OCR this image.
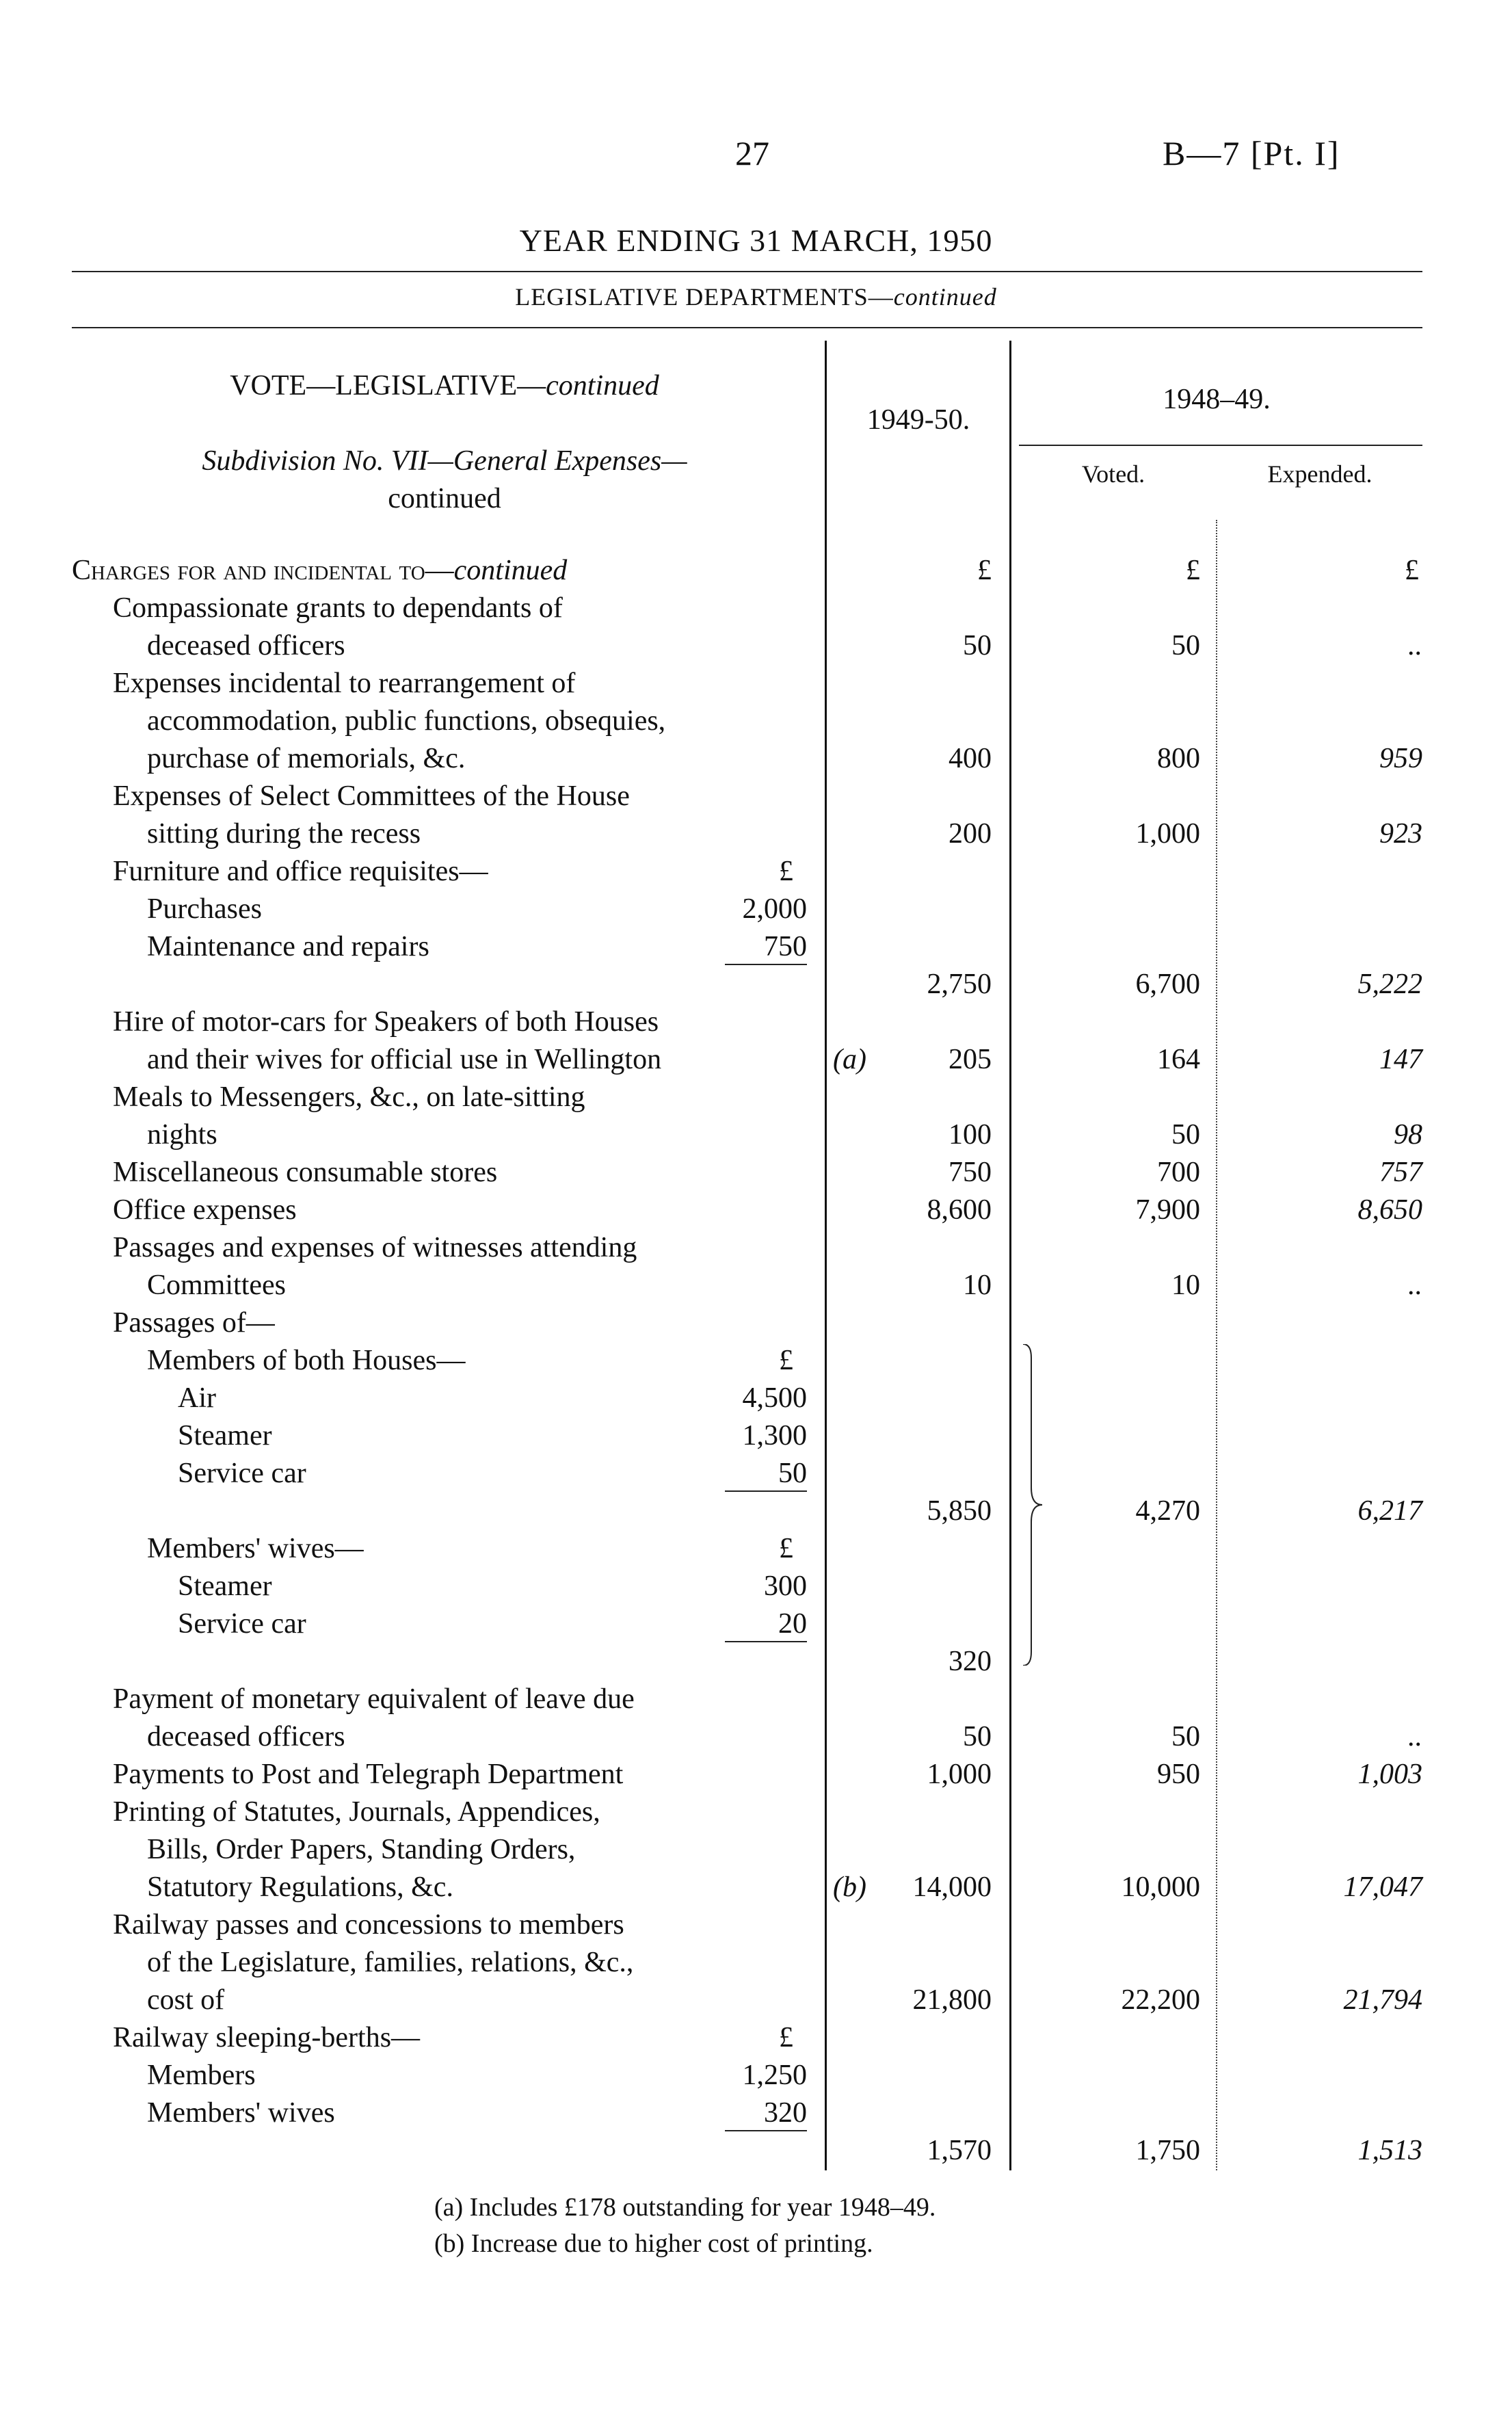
27	B—7 [Pt. I]
YEAR ENDING 31 MARCH, 1950
LEGISLATIVE DEPARTMENTS—continued
VOTE—LEGISLATIVE—continued
Subdivision No. VII—General Expenses—
continued
1949-50.
1948–49.
Voted.	Expended.
Charges for and incidental to—continued	£	£	£
Compassionate grants to dependants of
deceased officers	50	50	..
Expenses incidental to rearrangement of
accommodation, public functions, obsequies,
purchase of memorials, &c.	400	800	959
Expenses of Select Committees of the House
sitting during the recess	200	1,000	923
Furniture and office requisites—	£
Purchases	2,000
Maintenance and repairs	750
2,750	6,700	5,222
Hire of motor-cars for Speakers of both Houses
and their wives for official use in Wellington	(a)	205	164	147
Meals to Messengers, &c., on late-sitting
nights	100	50	98
Miscellaneous consumable stores	750	700	757
Office expenses	8,600	7,900	8,650
Passages and expenses of witnesses attending
Committees	10	10	..
Passages of—
Members of both Houses—	£
Air	4,500
Steamer	1,300
Service car	50
5,850	4,270	6,217
Members' wives—	£
Steamer	300
Service car	20
320
Payment of monetary equivalent of leave due
deceased officers	50	50	..
Payments to Post and Telegraph Department	1,000	950	1,003
Printing of Statutes, Journals, Appendices,
Bills, Order Papers, Standing Orders,
Statutory Regulations, &c.	(b)	14,000	10,000	17,047
Railway passes and concessions to members
of the Legislature, families, relations, &c.,
cost of	21,800	22,200	21,794
Railway sleeping-berths—	£
Members	1,250
Members' wives	320
1,570	1,750	1,513
(a) Includes £178 outstanding for year 1948–49.
(b) Increase due to higher cost of printing.
